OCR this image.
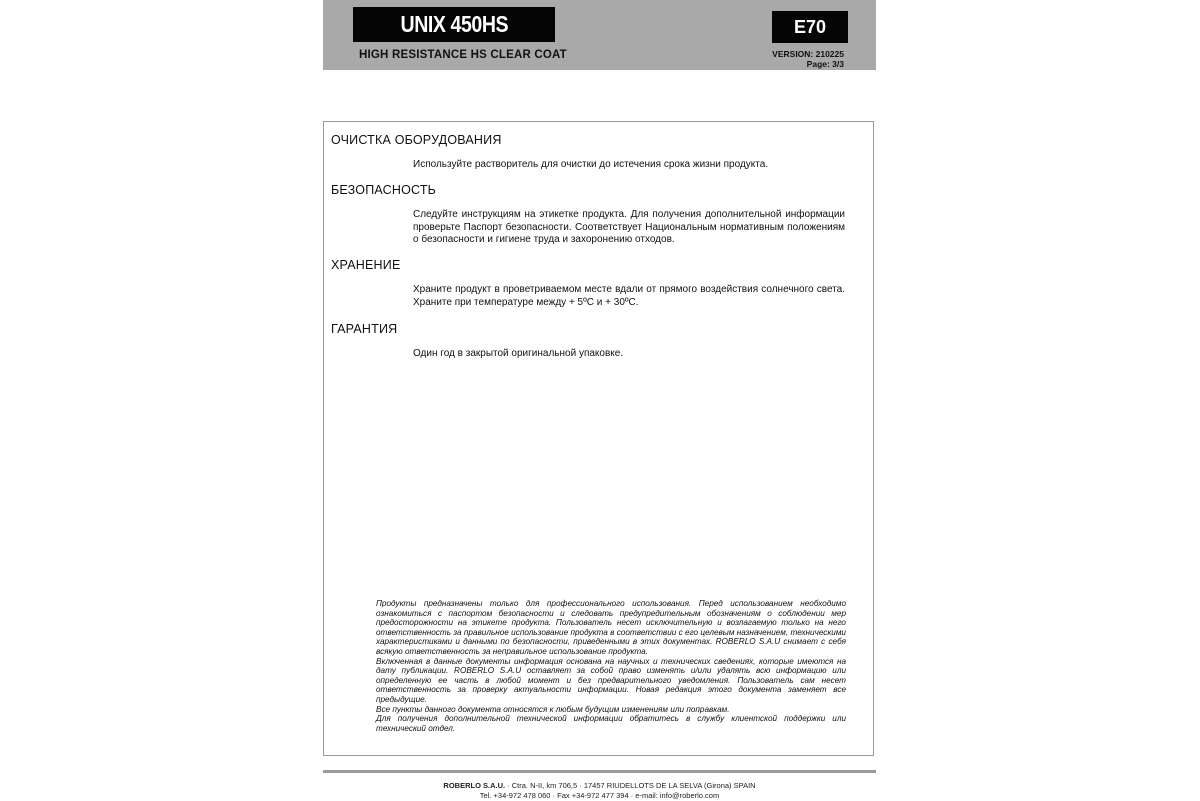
UNIX 450HS
HIGH RESISTANCE HS CLEAR COAT
E70
VERSION: 210225
Page: 3/3
ОЧИСТКА ОБОРУДОВАНИЯ
Используйте растворитель для очистки до истечения срока жизни продукта.
БЕЗОПАСНОСТЬ
Следуйте инструкциям на этикетке продукта. Для получения дополнительной информации проверьте Паспорт безопасности. Соответствует Национальным нормативным положениям о безопасности и гигиене труда и захоронению отходов.
ХРАНЕНИЕ
Храните продукт в проветриваемом месте вдали от прямого воздействия солнечного света. Храните при температуре между + 5ºC и + 30ºC.
ГАРАНТИЯ
Один год в закрытой оригинальной упаковке.

Продукты предназначены только для профессионального использования. Перед использованием необходимо ознакомиться с паспортом безопасности и следовать предупредительным обозначениям о соблюдении мер предосторожности на этикете продукта. Пользователь несет исключительную и возлагаемую только на него ответственность за правильное использование продукта в соответствии с его целевым назначением, техническими характеристиками и данными по безопасности, приведенными в этих документах. ROBERLO S.A.U снимает с себя всякую ответственность за неправильное использование продукта.

Включенная в данные документы информация основана на научных и технических сведениях, которые имеются на дату публикации. ROBERLO S.A.U оставляет за собой право изменять и/или удалять всю информацию или определенную ее часть в любой момент и без предварительного уведомления. Пользователь сам несет ответственность за проверку актуальности информации. Новая редакция этого документа заменяет все предыдущие.

Все пункты данного документа относятся к любым будущим изменениям или поправкам.

Для получения дополнительной технической информации обратитесь в службу клиентской поддержки или технический отдел.

ROBERLO S.A.U. · Ctra. N-II, km 706,5 · 17457 RIUDELLOTS DE LA SELVA (Girona) SPAIN
Tel. +34-972 478 060 · Fax +34-972 477 394 · e-mail: info@roberlo.com
